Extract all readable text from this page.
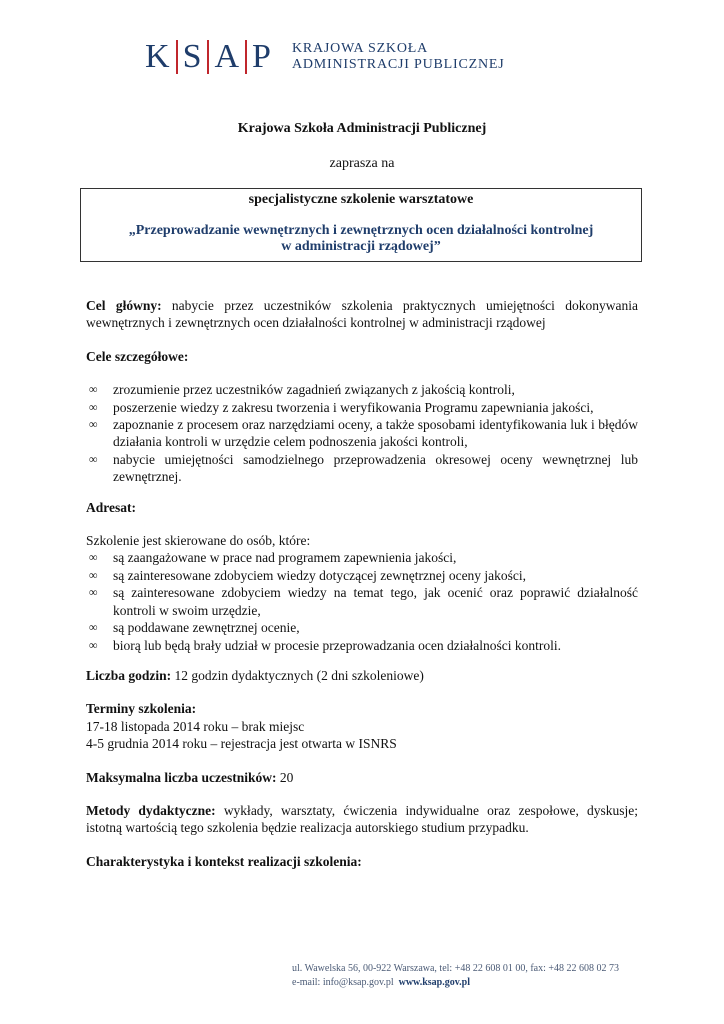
K S A P KRAJOWA SZKOŁA
ADMINISTRACJI PUBLICZNEJ
Krajowa Szkoła Administracji Publicznej
zaprasza na
specjalistyczne szkolenie warsztatowe
„Przeprowadzanie wewnętrznych i zewnętrznych ocen działalności kontrolnej
w administracji rządowej”

Cel główny: nabycie przez uczestników szkolenia praktycznych umiejętności dokonywania wewnętrznych i zewnętrznych ocen działalności kontrolnej w administracji rządowej

Cele szczegółowe:

∞ zrozumienie przez uczestników zagadnień związanych z jakością kontroli,
∞ poszerzenie wiedzy z zakresu tworzenia i weryfikowania Programu zapewniania jakości,
∞ zapoznanie z procesem oraz narzędziami oceny, a także sposobami identyfikowania luk i błędów działania kontroli w urzędzie celem podnoszenia jakości kontroli,
∞ nabycie umiejętności samodzielnego przeprowadzenia okresowej oceny wewnętrznej lub zewnętrznej.

Adresat:

Szkolenie jest skierowane do osób, które:

∞ są zaangażowane w prace nad programem zapewnienia jakości,
∞ są zainteresowane zdobyciem wiedzy dotyczącej zewnętrznej oceny jakości,
∞ są zainteresowane zdobyciem wiedzy na temat tego, jak ocenić oraz poprawić działalność kontroli w swoim urzędzie,
∞ są poddawane zewnętrznej ocenie,
∞ biorą lub będą brały udział w procesie przeprowadzania ocen działalności kontroli.

Liczba godzin: 12 godzin dydaktycznych (2 dni szkoleniowe)

Terminy szkolenia:

17-18 listopada 2014 roku – brak miejsc

4-5 grudnia 2014 roku – rejestracja jest otwarta w ISNRS

Maksymalna liczba uczestników: 20

Metody dydaktyczne: wykłady, warsztaty, ćwiczenia indywidualne oraz zespołowe, dyskusje; istotną wartością tego szkolenia będzie realizacja autorskiego studium przypadku.

Charakterystyka i kontekst realizacji szkolenia:

ul. Wawelska 56, 00-922 Warszawa, tel: +48 22 608 01 00, fax: +48 22 608 02 73
e-mail: info@ksap.gov.pl www.ksap.gov.pl
